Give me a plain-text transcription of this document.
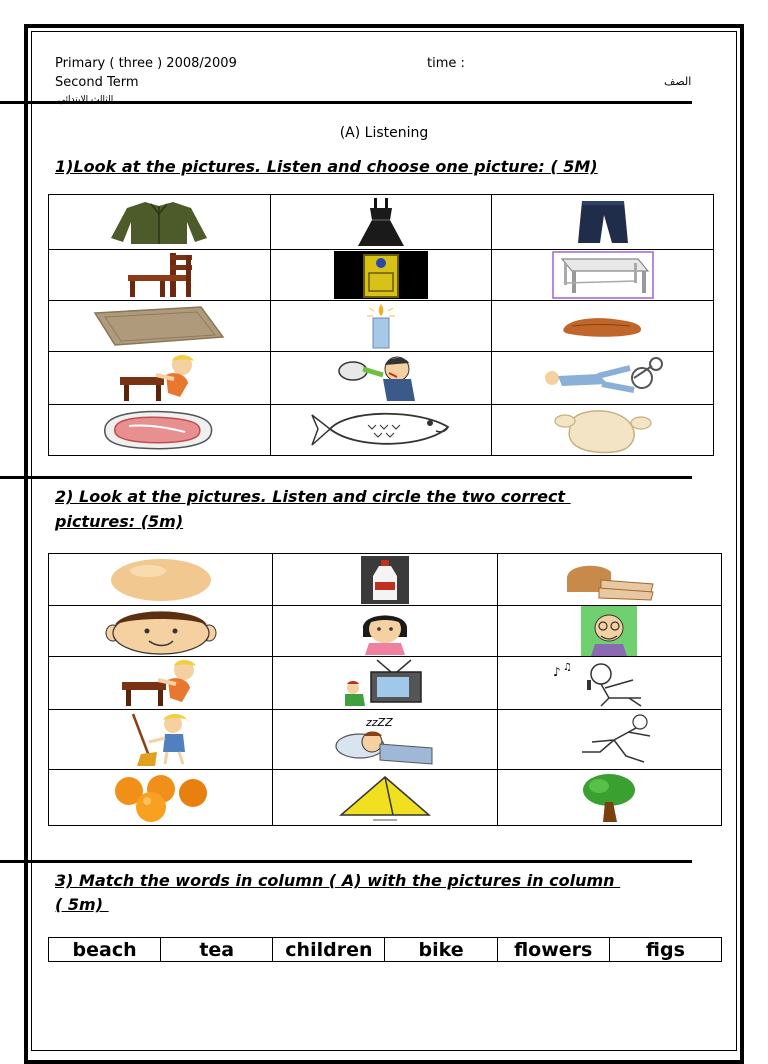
Primary ( three ) 2008/2009	time :
Second Term	الصف
الثالث الابتدائي
(A) Listening
1)Look at the pictures. Listen and choose one picture: ( 5M)

2) Look at the pictures. Listen and circle the two correct
pictures: (5m)

♪ ♫

zzZZ

3) Match the words in column ( A) with the pictures in column
( 5m)
beach	tea	children	bike	flowers	figs
